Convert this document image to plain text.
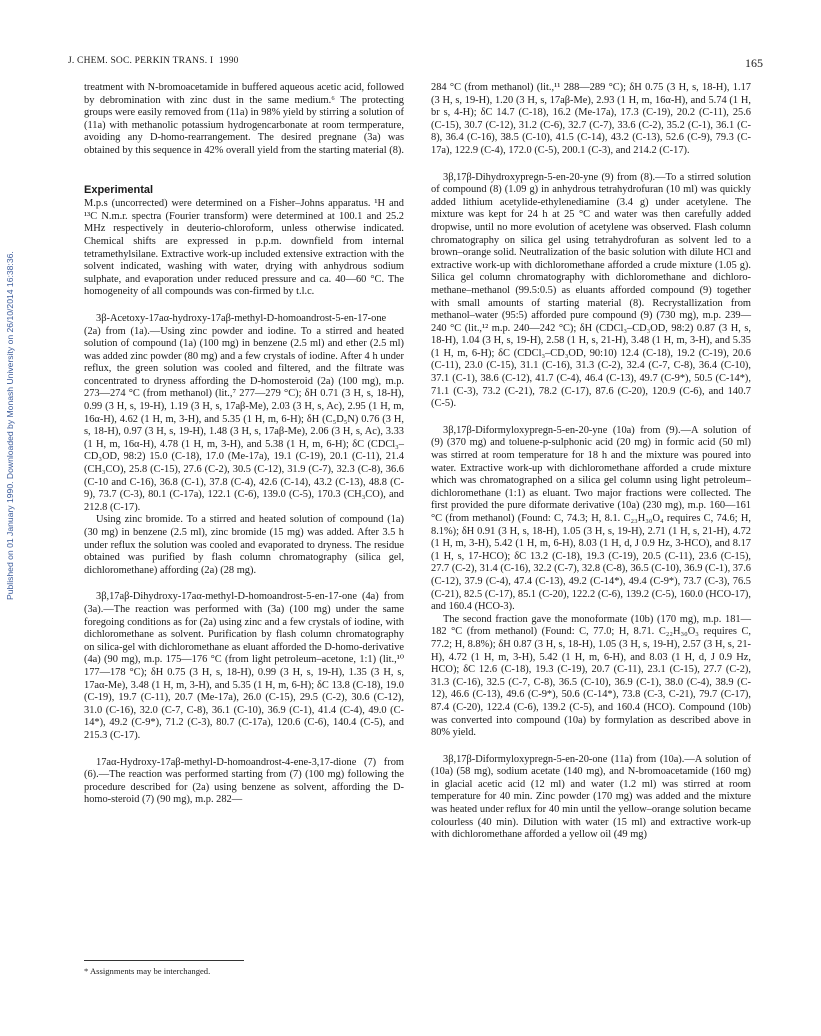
J. CHEM. SOC. PERKIN TRANS. I 1990	165
Published on 01 January 1990. Downloaded by Monash University on 26/10/2014 16:38:36.

treatment with N-bromoacetamide in buffered aqueous acetic acid, followed by debromination with zinc dust in the same medium.⁶ The protecting groups were easily removed from (11a) in 98% yield by stirring a solution of (11a) with methanolic potassium hydrogencarbonate at room termperature, avoiding any D-homo-rearrangement. The desired pregnane (3a) was obtained by this sequence in 42% overall yield from the starting material (8).

Experimental

M.p.s (uncorrected) were determined on a Fisher–Johns apparatus. ¹H and ¹³C N.m.r. spectra (Fourier transform) were determined at 100.1 and 25.2 MHz respectively in deuterio-chloroform, unless otherwise indicated. Chemical shifts are expressed in p.p.m. downfield from internal tetramethylsilane. Extractive work-up included extensive extraction with the solvent indicated, washing with water, drying with anhydrous sodium sulphate, and evaporation under reduced pressure and ca. 40—60 °C. The homogeneity of all compounds was con-firmed by t.l.c.

3β-Acetoxy-17aα-hydroxy-17aβ-methyl-D-homoandrost-5-en-17-one (2a) from (1a).—Using zinc powder and iodine. To a stirred and heated solution of compound (1a) (100 mg) in benzene (2.5 ml) and ether (2.5 ml) was added zinc powder (80 mg) and a few crystals of iodine. After 4 h under reflux, the green solution was cooled and filtered, and the filtrate was concentrated to dryness affording the D-homosteroid (2a) (100 mg), m.p. 273—274 °C (from methanol) (lit.,⁷ 277—279 °C); δH 0.71 (3 H, s, 18-H), 0.99 (3 H, s, 19-H), 1.19 (3 H, s, 17aβ-Me), 2.03 (3 H, s, Ac), 2.95 (1 H, m, 16α-H), 4.62 (1 H, m, 3-H), and 5.35 (1 H, m, 6-H); δH (C₅D₅N) 0.76 (3 H, s, 18-H), 0.97 (3 H, s, 19-H), 1.48 (3 H, s, 17aβ-Me), 2.06 (3 H, s, Ac), 3.33 (1 H, m, 16α-H), 4.78 (1 H, m, 3-H), and 5.38 (1 H, m, 6-H); δC (CDCl₃–CD₃OD, 98:2) 15.0 (C-18), 17.0 (Me-17a), 19.1 (C-19), 20.1 (C-11), 21.4 (CH₃CO), 25.8 (C-15), 27.6 (C-2), 30.5 (C-12), 31.9 (C-7), 32.3 (C-8), 36.6 (C-10 and C-16), 36.8 (C-1), 37.8 (C-4), 42.6 (C-14), 43.2 (C-13), 48.8 (C-9), 73.7 (C-3), 80.1 (C-17a), 122.1 (C-6), 139.0 (C-5), 170.3 (CH₃CO), and 212.8 (C-17).

Using zinc bromide. To a stirred and heated solution of compound (1a) (30 mg) in benzene (2.5 ml), zinc bromide (15 mg) was added. After 3.5 h under reflux the solution was cooled and evaporated to dryness. The residue obtained was purified by flash column chromatography (silica gel, dichloromethane) affording (2a) (28 mg).

3β,17aβ-Dihydroxy-17aα-methyl-D-homoandrost-5-en-17-one (4a) from (3a).—The reaction was performed with (3a) (100 mg) under the same foregoing conditions as for (2a) using zinc and a few crystals of iodine, with dichloromethane as solvent. Purification by flash column chromatography on silica-gel with dichloromethane as eluant afforded the D-homo-derivative (4a) (90 mg), m.p. 175—176 °C (from light petroleum–acetone, 1:1) (lit.,¹⁰ 177—178 °C); δH 0.75 (3 H, s, 18-H), 0.99 (3 H, s, 19-H), 1.35 (3 H, s, 17aα-Me), 3.48 (1 H, m, 3-H), and 5.35 (1 H, m, 6-H); δC 13.8 (C-18), 19.0 (C-19), 19.7 (C-11), 20.7 (Me-17a), 26.0 (C-15), 29.5 (C-2), 30.6 (C-12), 31.0 (C-16), 32.0 (C-7, C-8), 36.1 (C-10), 36.9 (C-1), 41.4 (C-4), 49.0 (C-14*), 49.2 (C-9*), 71.2 (C-3), 80.7 (C-17a), 120.6 (C-6), 140.4 (C-5), and 215.3 (C-17).

17aα-Hydroxy-17aβ-methyl-D-homoandrost-4-ene-3,17-dione (7) from (6).—The reaction was performed starting from (7) (100 mg) following the procedure described for (2a) using benzene as solvent, affording the D-homo-steroid (7) (90 mg), m.p. 282—

284 °C (from methanol) (lit.,¹¹ 288—289 °C); δH 0.75 (3 H, s, 18-H), 1.17 (3 H, s, 19-H), 1.20 (3 H, s, 17aβ-Me), 2.93 (1 H, m, 16α-H), and 5.74 (1 H, br s, 4-H); δC 14.7 (C-18), 16.2 (Me-17a), 17.3 (C-19), 20.2 (C-11), 25.6 (C-15), 30.7 (C-12), 31.2 (C-6), 32.7 (C-7), 33.6 (C-2), 35.2 (C-1), 36.1 (C-8), 36.4 (C-16), 38.5 (C-10), 41.5 (C-14), 43.2 (C-13), 52.6 (C-9), 79.3 (C-17a), 122.9 (C-4), 172.0 (C-5), 200.1 (C-3), and 214.2 (C-17).

3β,17β-Dihydroxypregn-5-en-20-yne (9) from (8).—To a stirred solution of compound (8) (1.09 g) in anhydrous tetrahydrofuran (10 ml) was quickly added lithium acetylide-ethylenediamine (3.4 g) under acetylene. The mixture was kept for 24 h at 25 °C and water was then carefully added dropwise, until no more evolution of acetylene was observed. Flash column chromatography on silica gel using tetrahydrofuran as solvent led to a brown–orange solid. Neutralization of the basic solution with dilute HCl and extractive work-up with dichloromethane afforded a crude mixture (1.05 g). Silica gel column chromatography with dichloromethane and dichloro-methane–methanol (99.5:0.5) as eluants afforded compound (9) together with small amounts of starting material (8). Recrystallization from methanol–water (95:5) afforded pure compound (9) (730 mg), m.p. 239—240 °C (lit.,¹² m.p. 240—242 °C); δH (CDCl₃–CD₃OD, 98:2) 0.87 (3 H, s, 18-H), 1.04 (3 H, s, 19-H), 2.58 (1 H, s, 21-H), 3.48 (1 H, m, 3-H), and 5.35 (1 H, m, 6-H); δC (CDCl₃–CD₃OD, 90:10) 12.4 (C-18), 19.2 (C-19), 20.6 (C-11), 23.0 (C-15), 31.1 (C-16), 31.3 (C-2), 32.4 (C-7, C-8), 36.4 (C-10), 37.1 (C-1), 38.6 (C-12), 41.7 (C-4), 46.4 (C-13), 49.7 (C-9*), 50.5 (C-14*), 71.1 (C-3), 73.2 (C-21), 78.2 (C-17), 87.6 (C-20), 120.9 (C-6), and 140.7 (C-5).

3β,17β-Diformyloxypregn-5-en-20-yne (10a) from (9).—A solution of (9) (370 mg) and toluene-p-sulphonic acid (20 mg) in formic acid (50 ml) was stirred at room temperature for 18 h and the mixture was poured into water. Extractive work-up with dichloromethane afforded a crude mixture which was chromatographed on a silica gel column using light petroleum–dichloromethane (1:1) as eluant. Two major fractions were collected. The first provided the pure diformate derivative (10a) (230 mg), m.p. 160—161 °C (from methanol) (Found: C, 74.3; H, 8.1. C₂₃H₃₀O₄ requires C, 74.6; H, 8.1%); δH 0.91 (3 H, s, 18-H), 1.05 (3 H, s, 19-H), 2.71 (1 H, s, 21-H), 4.72 (1 H, m, 3-H), 5.42 (1 H, m, 6-H), 8.03 (1 H, d, J 0.9 Hz, 3-HCO), and 8.17 (1 H, s, 17-HCO); δC 13.2 (C-18), 19.3 (C-19), 20.5 (C-11), 23.6 (C-15), 27.7 (C-2), 31.4 (C-16), 32.2 (C-7), 32.8 (C-8), 36.5 (C-10), 36.9 (C-1), 37.6 (C-12), 37.9 (C-4), 47.4 (C-13), 49.2 (C-14*), 49.4 (C-9*), 73.7 (C-3), 76.5 (C-21), 82.5 (C-17), 85.1 (C-20), 122.2 (C-6), 139.2 (C-5), 160.0 (HCO-17), and 160.4 (HCO-3).

The second fraction gave the monoformate (10b) (170 mg), m.p. 181—182 °C (from methanol) (Found: C, 77.0; H, 8.71. C₂₂H₃₀O₃ requires C, 77.2; H, 8.8%); δH 0.87 (3 H, s, 18-H), 1.05 (3 H, s, 19-H), 2.57 (3 H, s, 21-H), 4.72 (1 H, m, 3-H), 5.42 (1 H, m, 6-H), and 8.03 (1 H, d, J 0.9 Hz, HCO); δC 12.6 (C-18), 19.3 (C-19), 20.7 (C-11), 23.1 (C-15), 27.7 (C-2), 31.3 (C-16), 32.5 (C-7, C-8), 36.5 (C-10), 36.9 (C-1), 38.0 (C-4), 38.9 (C-12), 46.6 (C-13), 49.6 (C-9*), 50.6 (C-14*), 73.8 (C-3, C-21), 79.7 (C-17), 87.4 (C-20), 122.4 (C-6), 139.2 (C-5), and 160.4 (HCO). Compound (10b) was converted into compound (10a) by formylation as described above in 80% yield.

3β,17β-Diformyloxypregn-5-en-20-one (11a) from (10a).—A solution of (10a) (58 mg), sodium acetate (140 mg), and N-bromoacetamide (160 mg) in glacial acetic acid (12 ml) and water (1.2 ml) was stirred at room temperature for 40 min. Zinc powder (170 mg) was added and the mixture was heated under reflux for 40 min until the yellow–orange solution became colourless (40 min). Dilution with water (15 ml) and extractive work-up with dichloromethane afforded a yellow oil (49 mg)

* Assignments may be interchanged.
